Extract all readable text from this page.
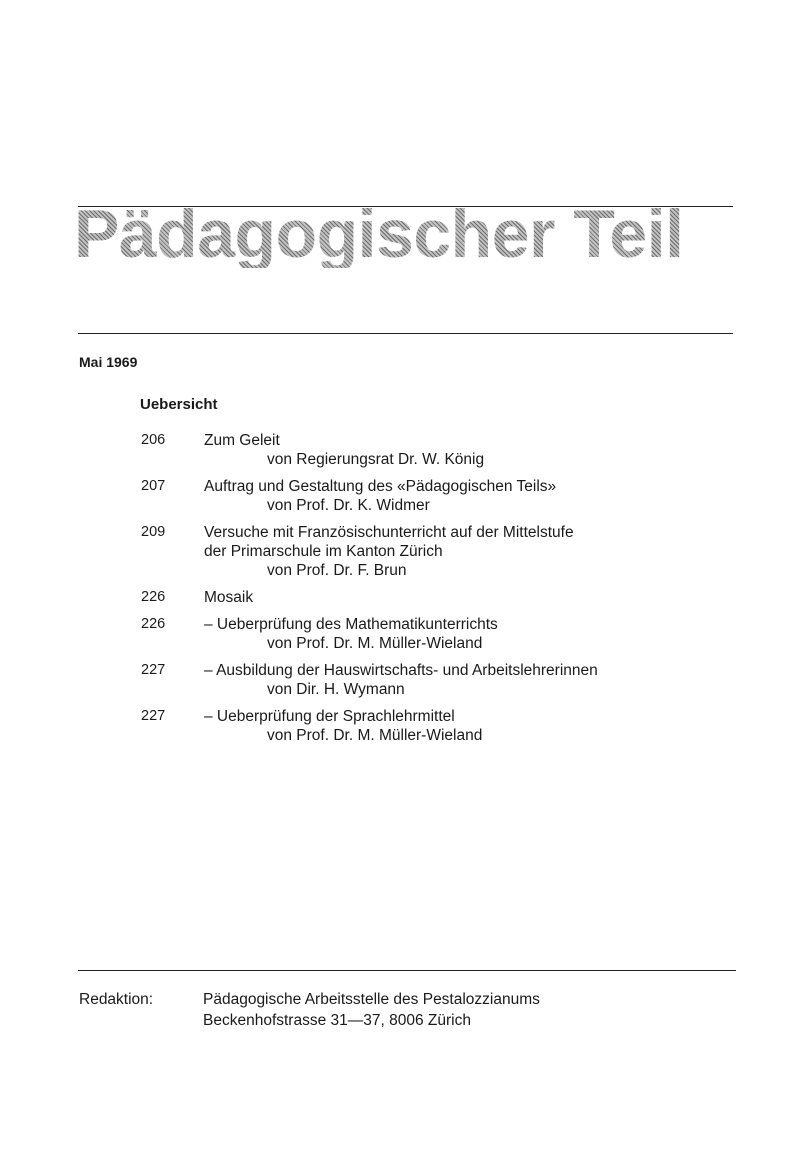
Pädagogischer Teil
Mai 1969
Uebersicht
206	Zum Geleit
von Regierungsrat Dr. W. König
207	Auftrag und Gestaltung des «Pädagogischen Teils»
von Prof. Dr. K. Widmer
209	Versuche mit Französischunterricht auf der Mittelstufe
der Primarschule im Kanton Zürich
von Prof. Dr. F. Brun
226	Mosaik
226	– Ueberprüfung des Mathematikunterrichts
von Prof. Dr. M. Müller-Wieland
227	– Ausbildung der Hauswirtschafts- und Arbeitslehrerinnen
von Dir. H. Wymann
227	– Ueberprüfung der Sprachlehrmittel
von Prof. Dr. M. Müller-Wieland
Redaktion:	Pädagogische Arbeitsstelle des Pestalozzianums
Beckenhofstrasse 31—37, 8006 Zürich
